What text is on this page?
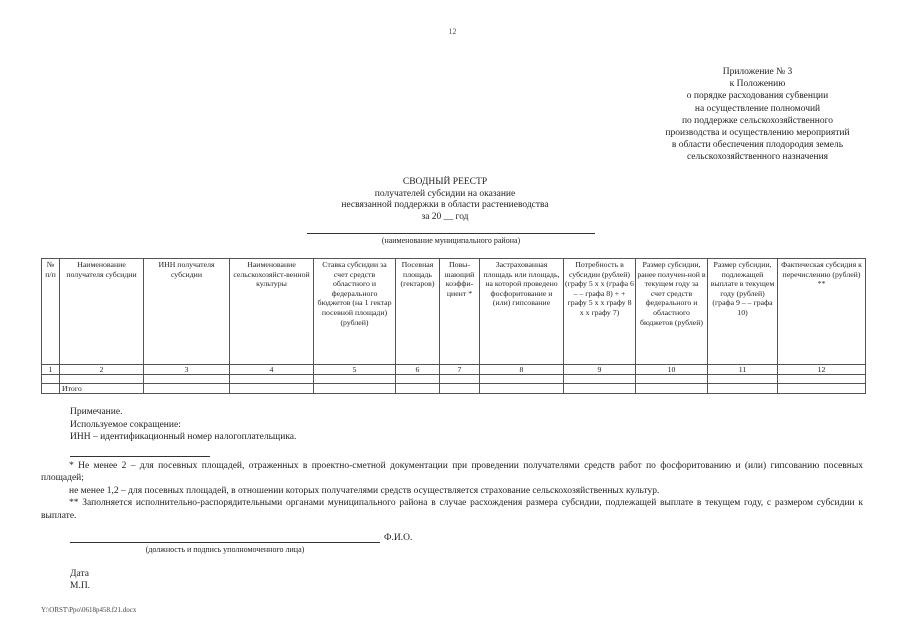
12
Приложение № 3
к Положению
о порядке расходования субвенции
на осуществление полномочий
по поддержке сельскохозяйственного
производства и осуществлению мероприятий
в области обеспечения плодородия земель
сельскохозяйственного назначения
СВОДНЫЙ РЕЕСТР
получателей субсидии на оказание
несвязанной поддержки в области растениеводства
за 20 __ год
(наименование муниципального района)
№ п/п	Наименование получателя субсидии	ИНН получателя субсидии	Наименование сельскохозяйст-венной культуры	Ставка субсидии за счет средств областного и федерального бюджетов (на 1 гектар посевной площади) (рублей)	Посевная площадь (гектаров)	Повы-шающий коэффи-циент *	Застрахованная площадь или площадь, на которой проведено фосфоритование и (или) гипсование	Потребность в субсидии (рублей) (графу 5 х х (графа 6 – – графа 8) + + графу 5 х х графу 8 х х графу 7)	Размер субсидии, ранее получен-ной в текущем году за счет средств федерального и областного бюджетов (рублей)	Размер субсидии, подлежащей выплате в текущем году (рублей) (графа 9 – – графа 10)	Фактическая субсидия к перечислению (рублей) **
1	2	3	4	5	6	7	8	9	10	11	12

	Итого										
Примечание.
Используемое сокращение:
ИНН – идентификационный номер налогоплательщика.

* Не менее 2 – для посевных площадей, отраженных в проектно-сметной документации при проведении получателями средств работ по фосфоритованию и (или) гипсованию посевных площадей;

не менее 1,2 – для посевных площадей, в отношении которых получателями средств осуществляется страхование сельскохозяйственных культур.

** Заполняется исполнительно-распорядительными органами муниципального района в случае расхождения размера субсидии, подлежащей выплате в текущем году, с размером субсидии к выплате.

Ф.И.О.
(должность и подпись уполномоченного лица)
Дата
М.П.
Y:\ORST\Ppo\0618p458.f21.docx
